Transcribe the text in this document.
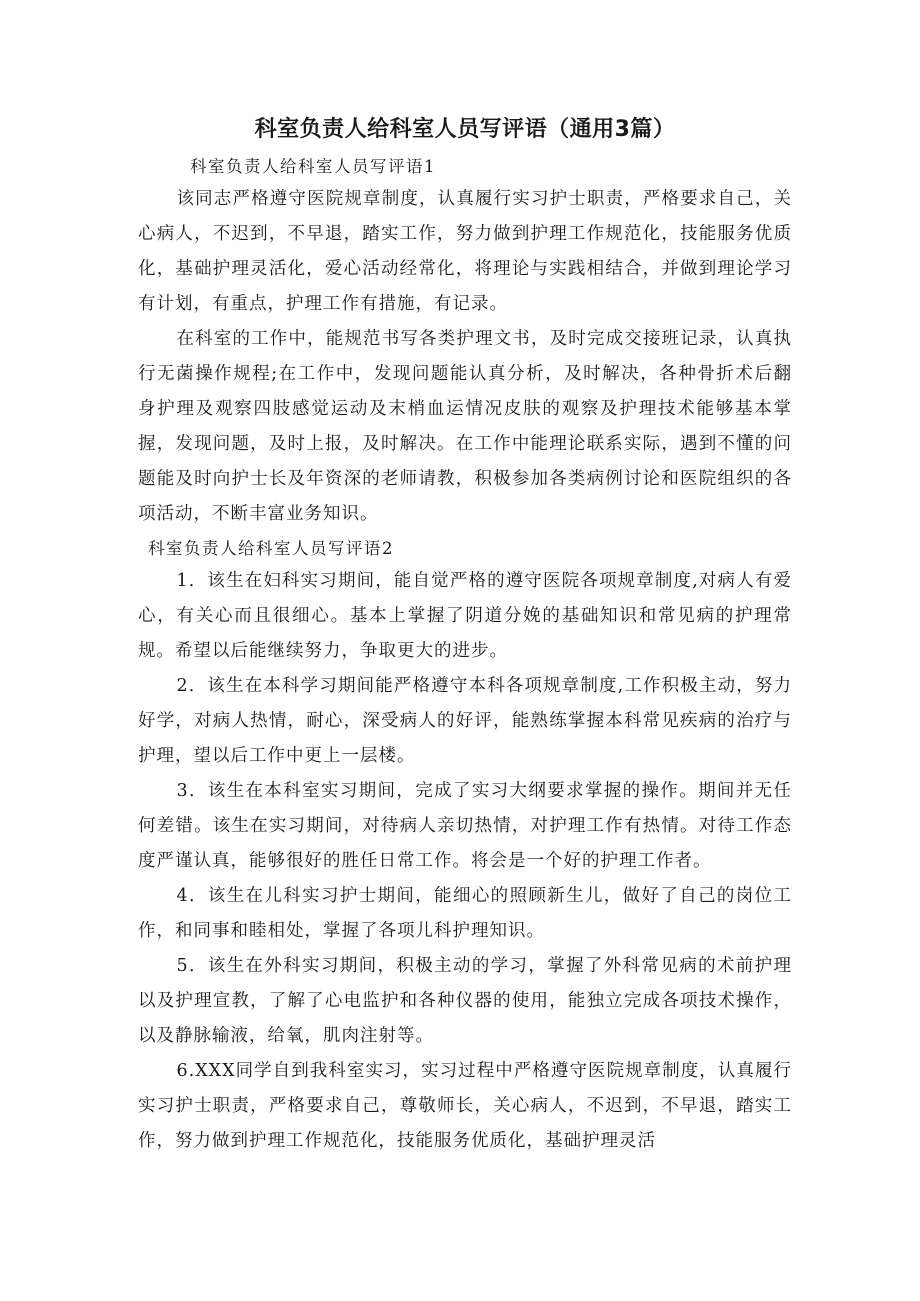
科室负责人给科室人员写评语（通用3篇）

科室负责人给科室人员写评语1

该同志严格遵守医院规章制度，认真履行实习护士职责，严格要求自己，关心病人，不迟到，不早退，踏实工作，努力做到护理工作规范化，技能服务优质化，基础护理灵活化，爱心活动经常化，将理论与实践相结合，并做到理论学习有计划，有重点，护理工作有措施，有记录。

在科室的工作中，能规范书写各类护理文书，及时完成交接班记录，认真执行无菌操作规程;在工作中，发现问题能认真分析，及时解决，各种骨折术后翻身护理及观察四肢感觉运动及末梢血运情况皮肤的观察及护理技术能够基本掌握，发现问题，及时上报，及时解决。在工作中能理论联系实际，遇到不懂的问题能及时向护士长及年资深的老师请教，积极参加各类病例讨论和医院组织的各项活动，不断丰富业务知识。

科室负责人给科室人员写评语2

1．该生在妇科实习期间，能自觉严格的遵守医院各项规章制度,对病人有爱心，有关心而且很细心。基本上掌握了阴道分娩的基础知识和常见病的护理常规。希望以后能继续努力，争取更大的进步。

2．该生在本科学习期间能严格遵守本科各项规章制度,工作积极主动，努力好学，对病人热情，耐心，深受病人的好评，能熟练掌握本科常见疾病的治疗与护理，望以后工作中更上一层楼。

3．该生在本科室实习期间，完成了实习大纲要求掌握的操作。期间并无任何差错。该生在实习期间，对待病人亲切热情，对护理工作有热情。对待工作态度严谨认真，能够很好的胜任日常工作。将会是一个好的护理工作者。

4．该生在儿科实习护士期间，能细心的照顾新生儿，做好了自己的岗位工作，和同事和睦相处，掌握了各项儿科护理知识。

5．该生在外科实习期间，积极主动的学习，掌握了外科常见病的术前护理以及护理宣教，了解了心电监护和各种仪器的使用，能独立完成各项技术操作，以及静脉输液，给氧，肌肉注射等。

6.XXX同学自到我科室实习，实习过程中严格遵守医院规章制度，认真履行实习护士职责，严格要求自己，尊敬师长，关心病人，不迟到，不早退，踏实工作，努力做到护理工作规范化，技能服务优质化，基础护理灵活
